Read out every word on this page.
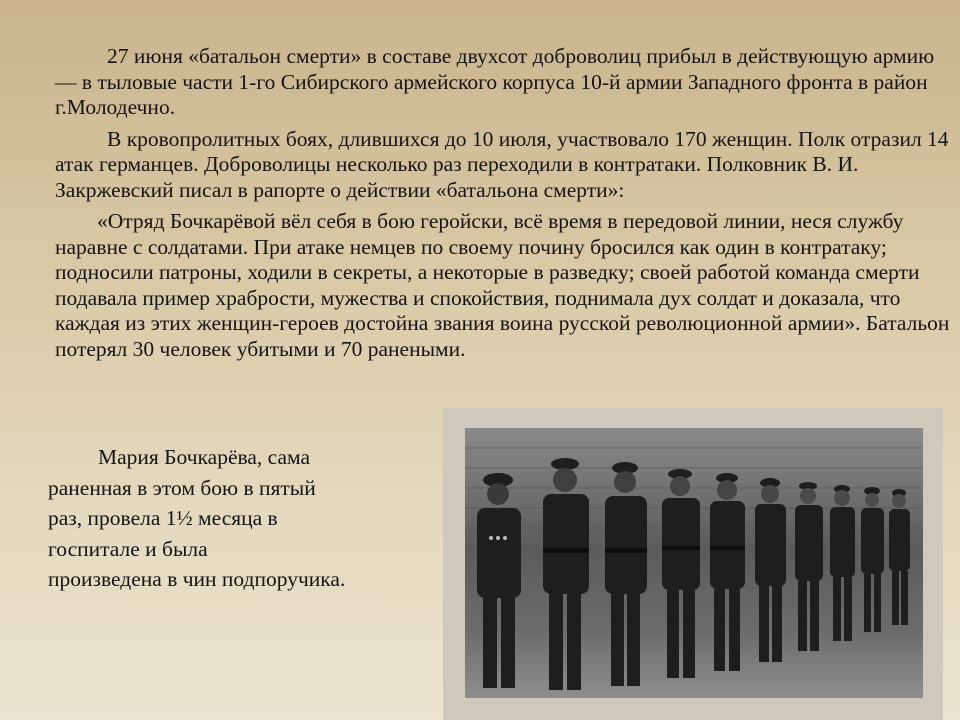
27 июня «батальон смерти» в составе двухсот доброволиц прибыл в действующую армию — в тыловые части 1-го Сибирского армейского корпуса 10-й армии Западного фронта в район г.Молодечно.

В кровопролитных боях, длившихся до 10 июля, участвовало 170 женщин. Полк отразил 14 атак германцев. Доброволицы несколько раз переходили в контратаки. Полковник В. И. Закржевский писал в рапорте о действии «батальона смерти»:

«Отряд Бочкарёвой вёл себя в бою геройски, всё время в передовой линии, неся службу наравне с солдатами. При атаке немцев по своему почину бросился как один в контратаку; подносили патроны, ходили в секреты, а некоторые в разведку; своей работой команда смерти подавала пример храбрости, мужества и спокойствия, поднимала дух солдат и доказала, что каждая из этих женщин-героев достойна звания воина русской революционной армии». Батальон потерял 30 человек убитыми и 70 ранеными.

Мария Бочкарёва, сама
раненная в этом бою в пятый
раз, провела 1½ месяца в
госпитале и была
произведена в чин подпоручика.
